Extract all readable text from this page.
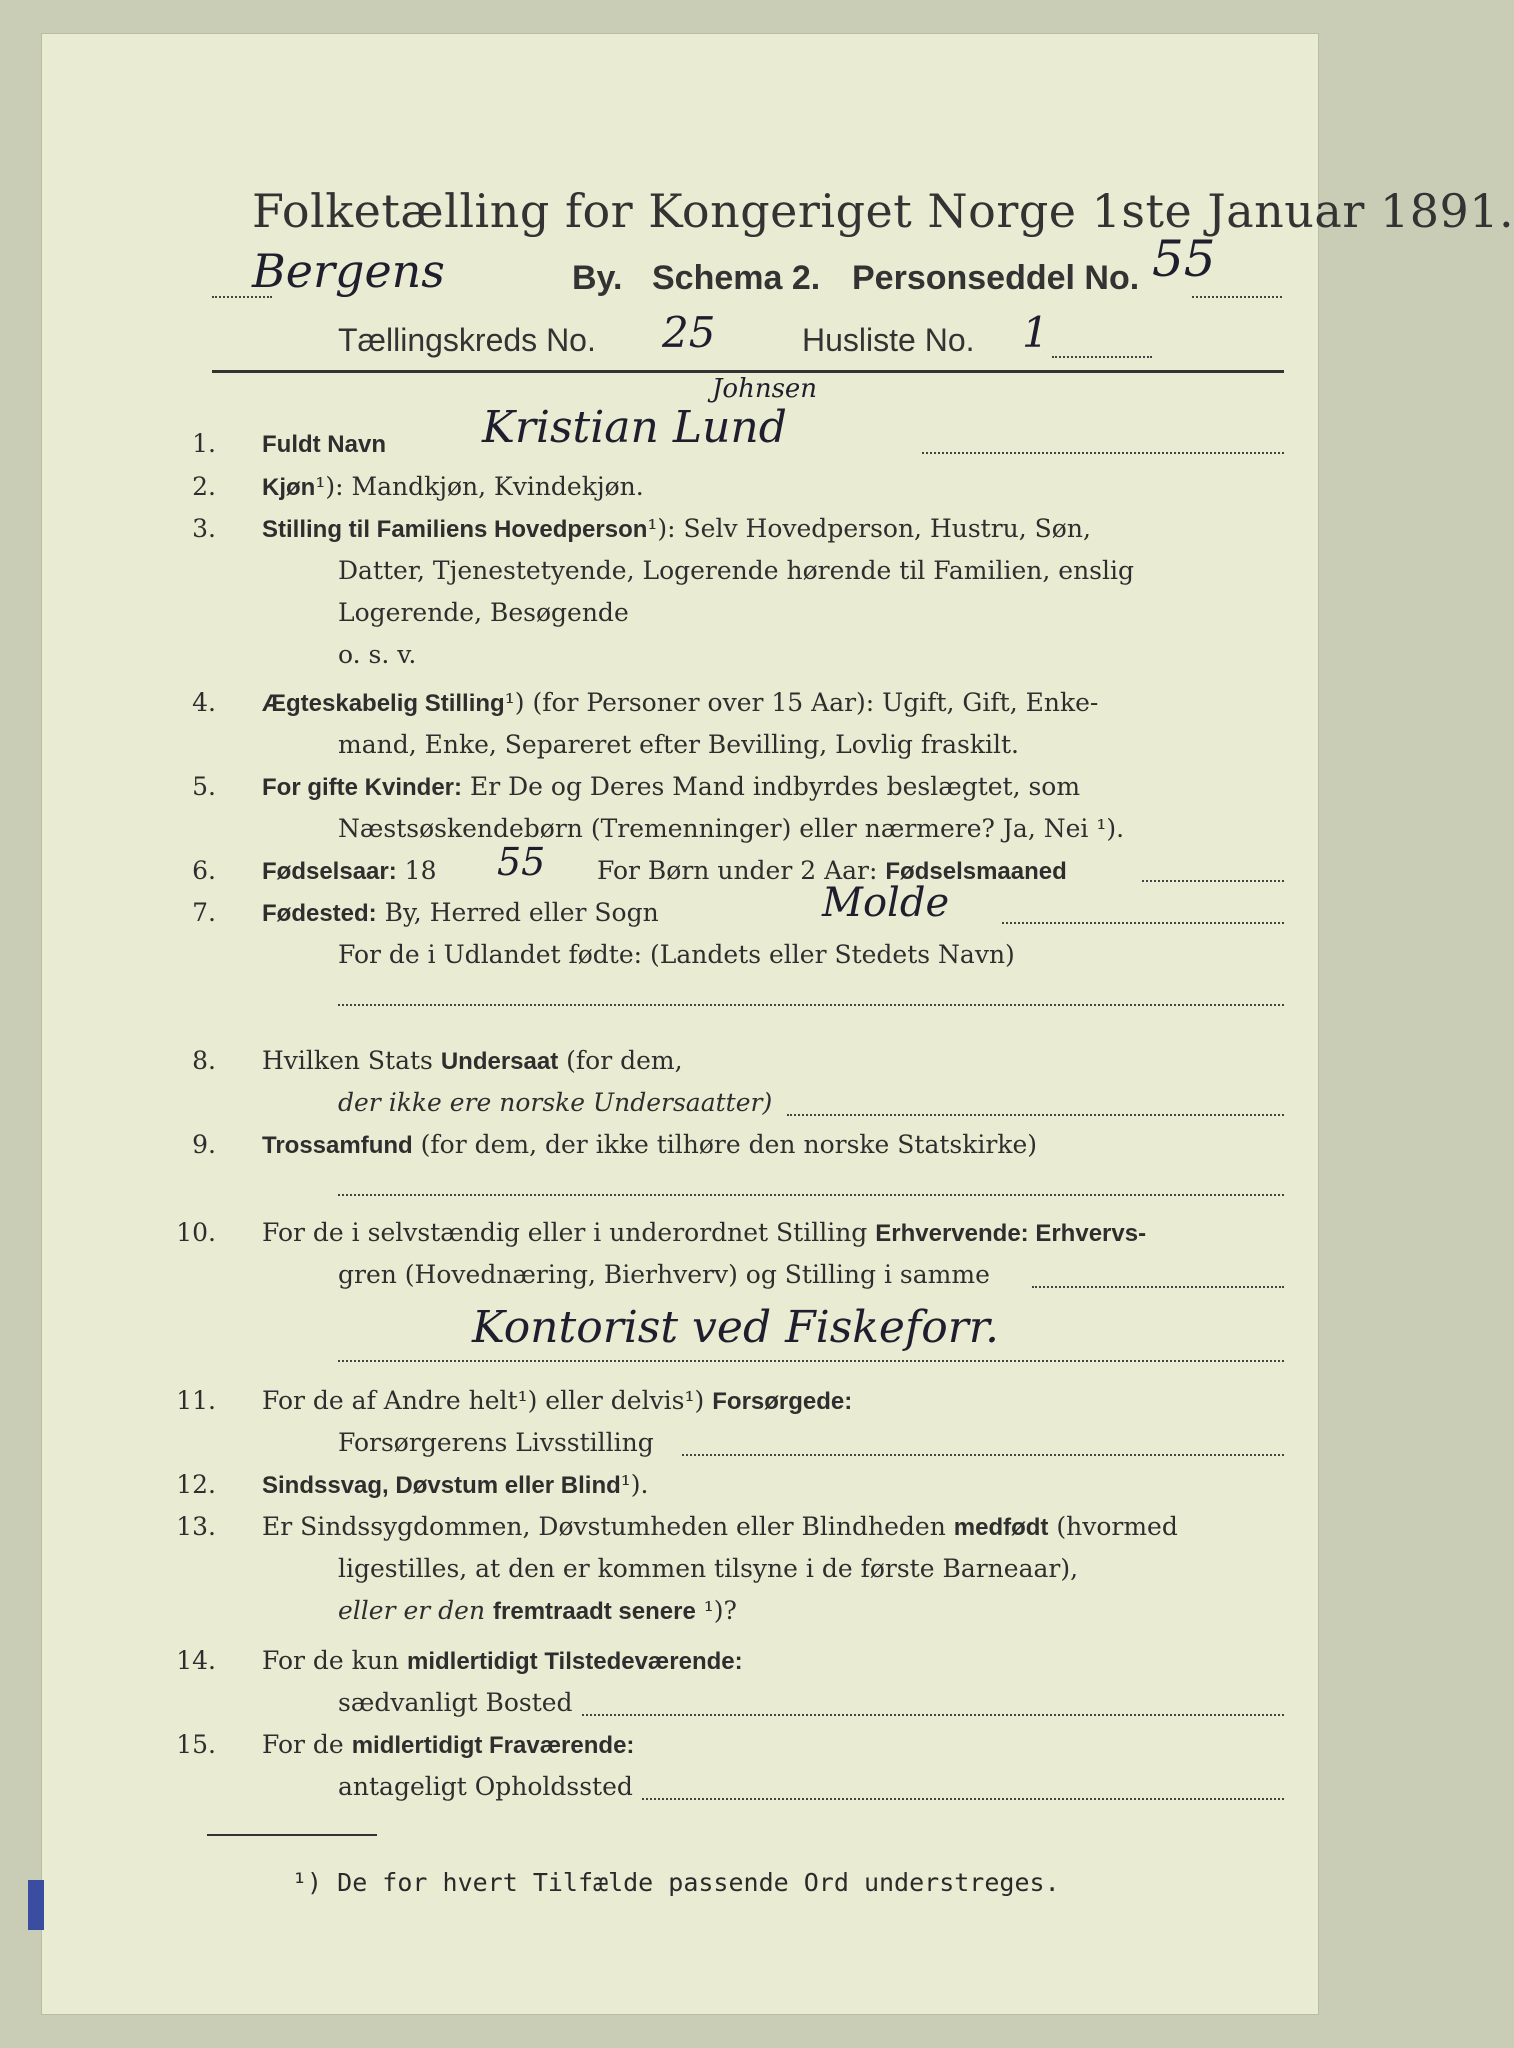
Folketælling for Kongeriget Norge 1ste Januar 1891.
Bergens	By. Schema 2. Personseddel No. 55
Tællingskreds No. 25	Husliste No. 1
1. Fuldt Navn
Johnsen
Kristian Lund
2. Kjøn¹): Mandkjøn, Kvindekjøn.
3. Stilling til Familiens Hovedperson¹): Selv Hovedperson, Hustru, Søn,
Datter, Tjenestetyende, Logerende hørende til Familien, enslig
Logerende, Besøgende
o. s. v.
4. Ægteskabelig Stilling¹) (for Personer over 15 Aar): Ugift, Gift, Enke-
mand, Enke, Separeret efter Bevilling, Lovlig fraskilt.
5. For gifte Kvinder: Er De og Deres Mand indbyrdes beslægtet, som
Næstsøskendebørn (Tremenninger) eller nærmere? Ja, Nei ¹).
6. Fødselsaar: 18 55 For Børn under 2 Aar: Fødselsmaaned
7. Fødested: By, Herred eller Sogn	Molde
For de i Udlandet fødte: (Landets eller Stedets Navn)
8. Hvilken Stats Undersaat (for dem,
der ikke ere norske Undersaatter)
9. Trossamfund (for dem, der ikke tilhøre den norske Statskirke)
10. For de i selvstændig eller i underordnet Stilling Erhvervende: Erhvervs-
gren (Hovednæring, Bierhverv) og Stilling i samme
Kontorist ved Fiskeforr.
11. For de af Andre helt¹) eller delvis¹) Forsørgede:
Forsørgerens Livsstilling
12. Sindssvag, Døvstum eller Blind¹).
13. Er Sindssygdommen, Døvstumheden eller Blindheden medfødt (hvormed
ligestilles, at den er kommen tilsyne i de første Barneaar),
eller er den fremtraadt senere ¹)?
14. For de kun midlertidigt Tilstedeværende:
sædvanligt Bosted
15. For de midlertidigt Fraværende:
antageligt Opholdssted
¹) De for hvert Tilfælde passende Ord understreges.
